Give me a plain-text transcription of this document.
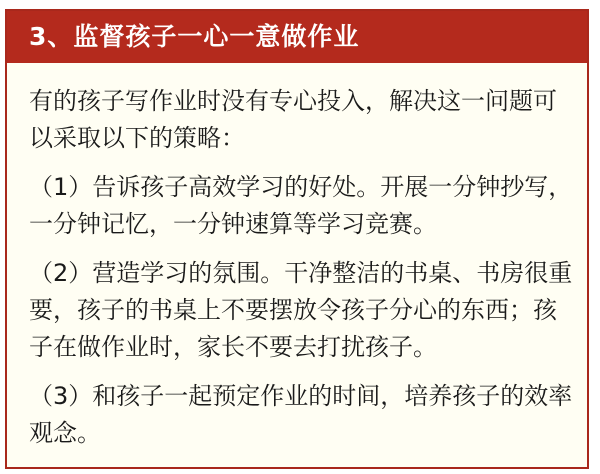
3、监督孩子一心一意做作业

有的孩子写作业时没有专心投入，解决这一问题可
以采取以下的策略：

（1）告诉孩子高效学习的好处。开展一分钟抄写，
一分钟记忆，一分钟速算等学习竞赛。

（2）营造学习的氛围。干净整洁的书桌、书房很重
要，孩子的书桌上不要摆放令孩子分心的东西；孩
子在做作业时，家长不要去打扰孩子。

（3）和孩子一起预定作业的时间，培养孩子的效率
观念。
